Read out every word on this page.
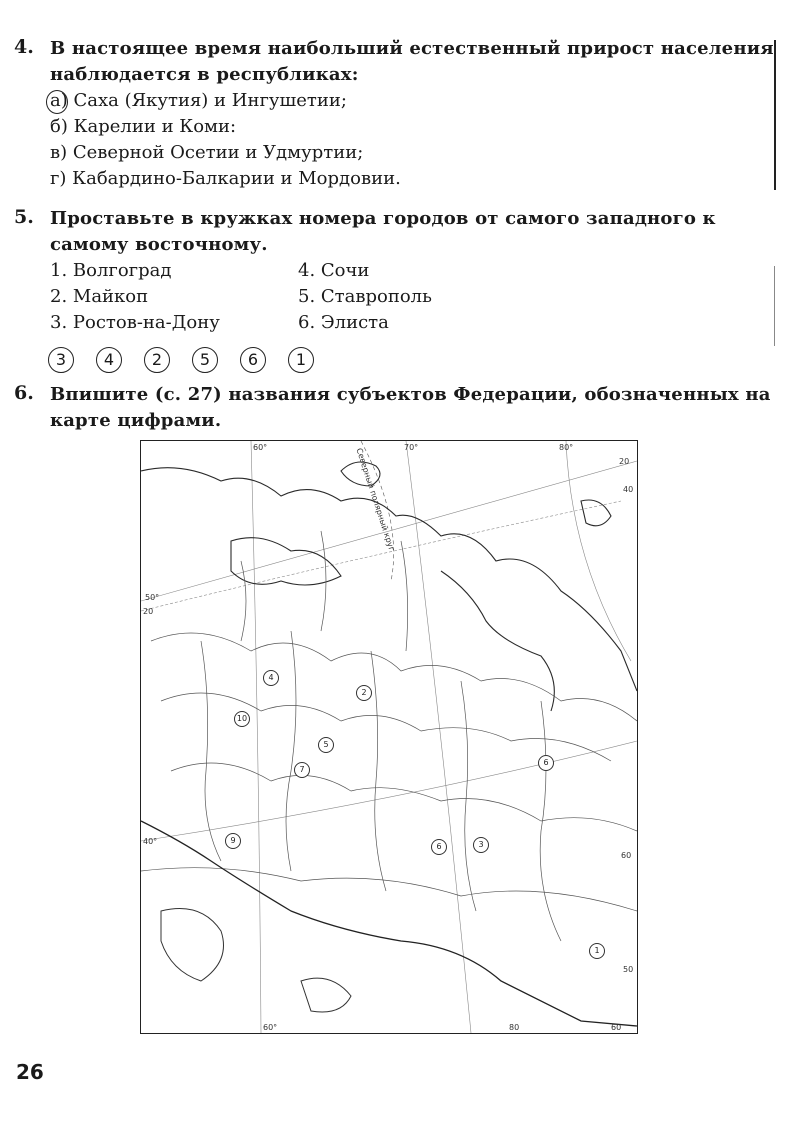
4. В настоящее время наибольший естественный прирост населения наблюдается в республиках:
а) Саха (Якутия) и Ингушетии;
б) Карелии и Коми:
в) Северной Осетии и Удмуртии;
г) Кабардино-Балкарии и Мордовии.
5. Проставьте в кружках номера городов от самого западного к самому восточному.
1. Волгоград
2. Майкоп
3. Ростов-на-Дону
4. Сочи
5. Ставрополь
6. Элиста
3	4	2	5	6	1
6. Впишите (с. 27) названия субъектов Федерации, обозначенных на карте цифрами.
60°	70°	80°
20
40
50°
20
40°
60
50
60°	80	60
Северный полярный круг
4
10
2
5
7
6
9
6	3
1
26
